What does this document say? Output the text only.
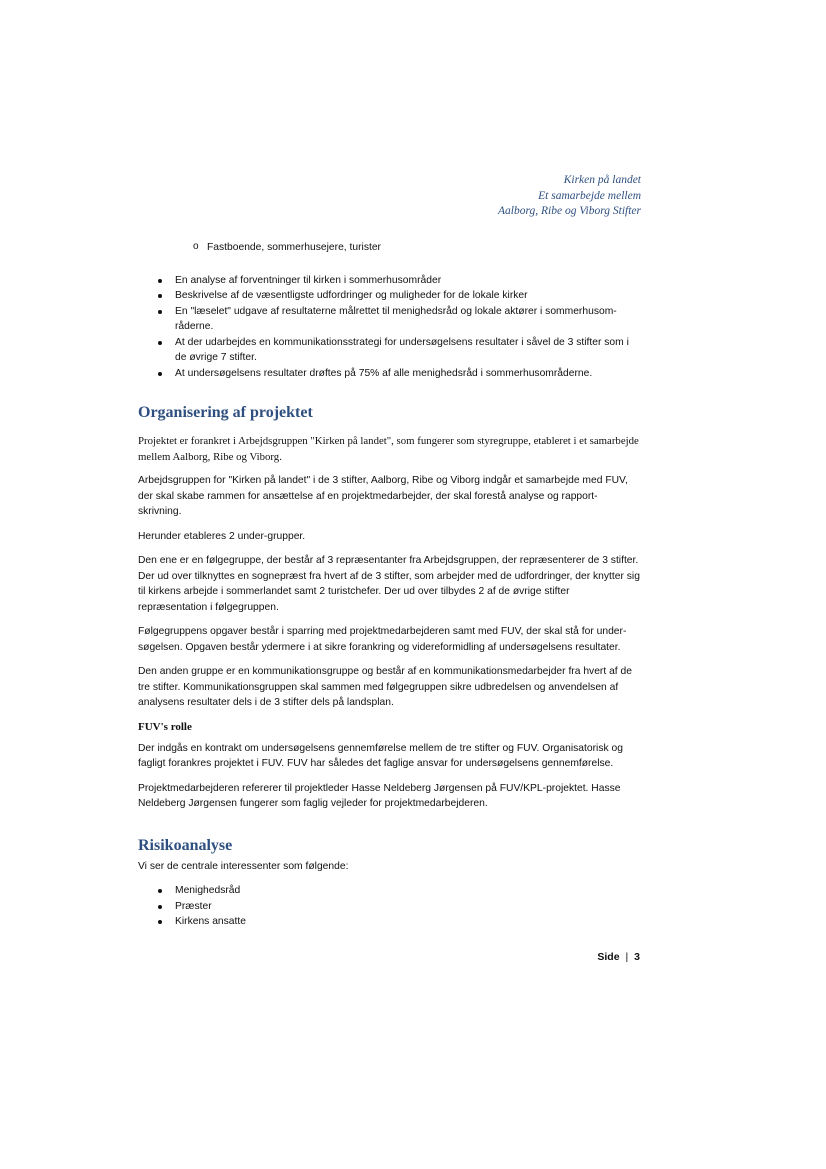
Kirken på landet
Et samarbejde mellem
Aalborg, Ribe og Viborg Stifter
o Fastboende, sommerhusejere, turister
En analyse af forventninger til kirken i sommerhusområder
Beskrivelse af de væsentligste udfordringer og muligheder for de lokale kirker
En "læselet" udgave af resultaterne målrettet til menighedsråd og lokale aktører i sommerhusom-råderne.
At der udarbejdes en kommunikationsstrategi for undersøgelsens resultater i såvel de 3 stifter som i de øvrige 7 stifter.
At undersøgelsens resultater drøftes på 75% af alle menighedsråd i sommerhusområderne.
Organisering af projektet

Projektet er forankret i Arbejdsgruppen "Kirken på landet", som fungerer som styregruppe, etableret i et samarbejde mellem Aalborg, Ribe og Viborg.

Arbejdsgruppen for "Kirken på landet" i de 3 stifter, Aalborg, Ribe og Viborg indgår et samarbejde med FUV, der skal skabe rammen for ansættelse af en projektmedarbejder, der skal forestå analyse og rapport-skrivning.

Herunder etableres 2 under-grupper.

Den ene er en følgegruppe, der består af 3 repræsentanter fra Arbejdsgruppen, der repræsenterer de 3 stifter. Der ud over tilknyttes en sognepræst fra hvert af de 3 stifter, som arbejder med de udfordringer, der knytter sig til kirkens arbejde i sommerlandet samt 2 turistchefer. Der ud over tilbydes 2 af de øvrige stifter repræsentation i følgegruppen.

Følgegruppens opgaver består i sparring med projektmedarbejderen samt med FUV, der skal stå for under-søgelsen. Opgaven består ydermere i at sikre forankring og videreformidling af undersøgelsens resultater.

Den anden gruppe er en kommunikationsgruppe og består af en kommunikationsmedarbejder fra hvert af de tre stifter. Kommunikationsgruppen skal sammen med følgegruppen sikre udbredelsen og anvendelsen af analysens resultater dels i de 3 stifter dels på landsplan.

FUV's rolle

Der indgås en kontrakt om undersøgelsens gennemførelse mellem de tre stifter og FUV. Organisatorisk og fagligt forankres projektet i FUV. FUV har således det faglige ansvar for undersøgelsens gennemførelse.

Projektmedarbejderen refererer til projektleder Hasse Neldeberg Jørgensen på FUV/KPL-projektet. Hasse Neldeberg Jørgensen fungerer som faglig vejleder for projektmedarbejderen.

Risikoanalyse

Vi ser de centrale interessenter som følgende:

Menighedsråd
Præster
Kirkens ansatte
Side | 3
